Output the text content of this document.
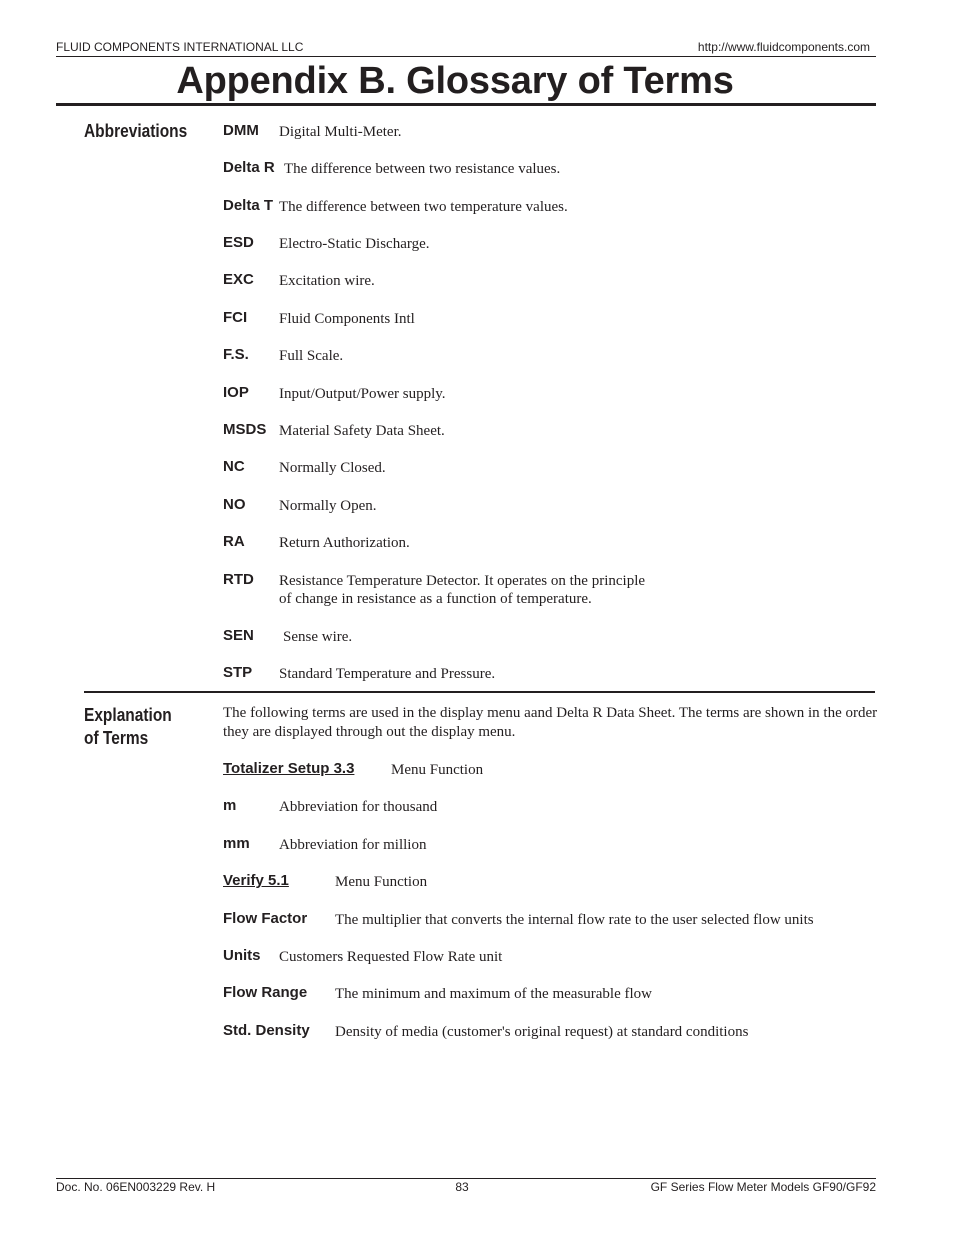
FLUID COMPONENTS INTERNATIONAL LLC	http://www.fluidcomponents.com
Appendix B. Glossary of Terms
Abbreviations DMM Digital Multi-Meter.
Delta R The difference between two resistance values.
Delta T The difference between two temperature values.
ESD Electro-Static Discharge.
EXC Excitation wire.
FCI Fluid Components Intl
F.S. Full Scale.
IOP Input/Output/Power supply.
MSDS Material Safety Data Sheet.
NC Normally Closed.
NO Normally Open.
RA Return Authorization.
RTD Resistance Temperature Detector. It operates on the principle
of change in resistance as a function of temperature.
SEN Sense wire.
STP Standard Temperature and Pressure.
Explanation
of Terms
The following terms are used in the display menu aand Delta R Data Sheet. The terms are shown in the order they are displayed through out the display menu.
Totalizer Setup 3.3 Menu Function
m	Abbreviation for thousand
mm Abbreviation for million
Verify 5.1	Menu Function
Flow Factor The multiplier that converts the internal flow rate to the user selected flow units
Units Customers Requested Flow Rate unit
Flow Range The minimum and maximum of the measurable flow
Std. Density Density of media (customer's original request) at standard conditions
Doc. No. 06EN003229 Rev. H	83	GF Series Flow Meter Models GF90/GF92
